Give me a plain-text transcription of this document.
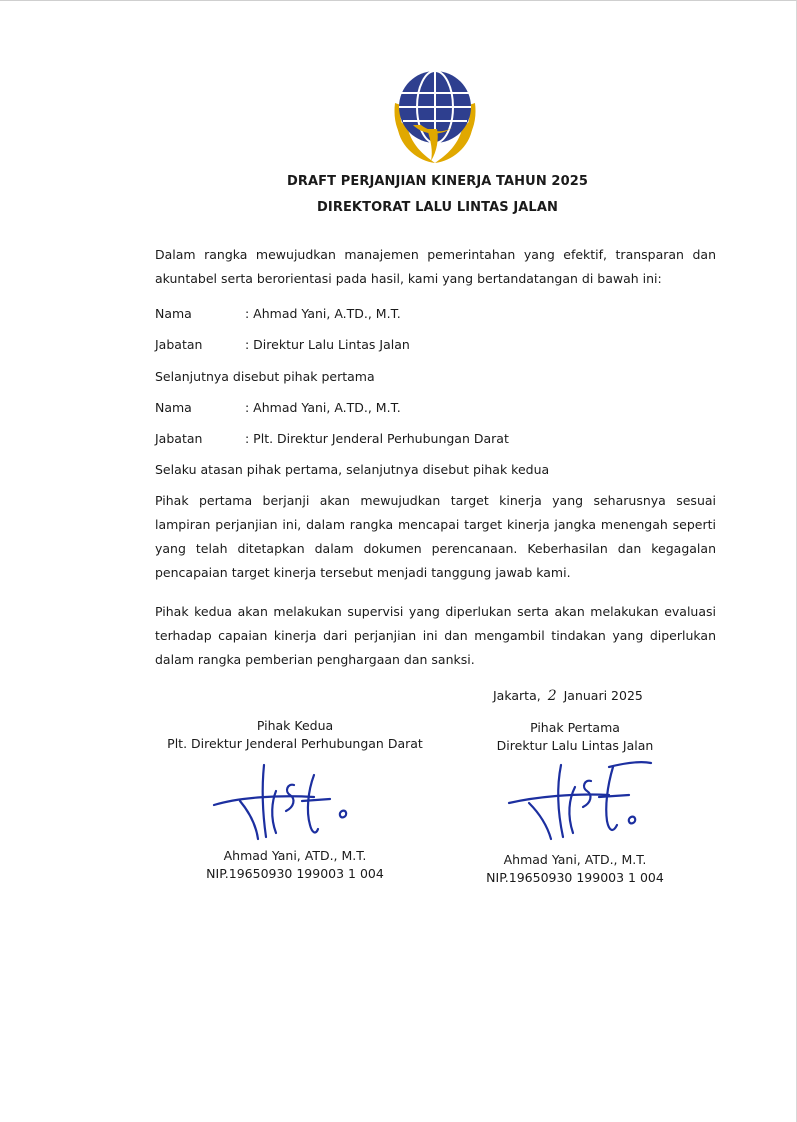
DRAFT PERJANJIAN KINERJA TAHUN 2025
DIREKTORAT LALU LINTAS JALAN

Dalam rangka mewujudkan manajemen pemerintahan yang efektif, transparan dan akuntabel serta berorientasi pada hasil, kami yang bertandatangan di bawah ini:

Nama	: Ahmad Yani, A.TD., M.T.
Jabatan	: Direktur Lalu Lintas Jalan
Selanjutnya disebut pihak pertama
Nama	: Ahmad Yani, A.TD., M.T.
Jabatan	: Plt. Direktur Jenderal Perhubungan Darat
Selaku atasan pihak pertama, selanjutnya disebut pihak kedua

Pihak pertama berjanji akan mewujudkan target kinerja yang seharusnya sesuai lampiran perjanjian ini, dalam rangka mencapai target kinerja jangka menengah seperti yang telah ditetapkan dalam dokumen perencanaan. Keberhasilan dan kegagalan pencapaian target kinerja tersebut menjadi tanggung jawab kami.

Pihak kedua akan melakukan supervisi yang diperlukan serta akan melakukan evaluasi terhadap capaian kinerja dari perjanjian ini dan mengambil tindakan yang diperlukan dalam rangka pemberian penghargaan dan sanksi.

Jakarta, 2 Januari 2025
Pihak Kedua
Plt. Direktur Jenderal Perhubungan Darat
Pihak Pertama
Direktur Lalu Lintas Jalan
Ahmad Yani, ATD., M.T.
NIP.19650930 199003 1 004
Ahmad Yani, ATD., M.T.
NIP.19650930 199003 1 004
